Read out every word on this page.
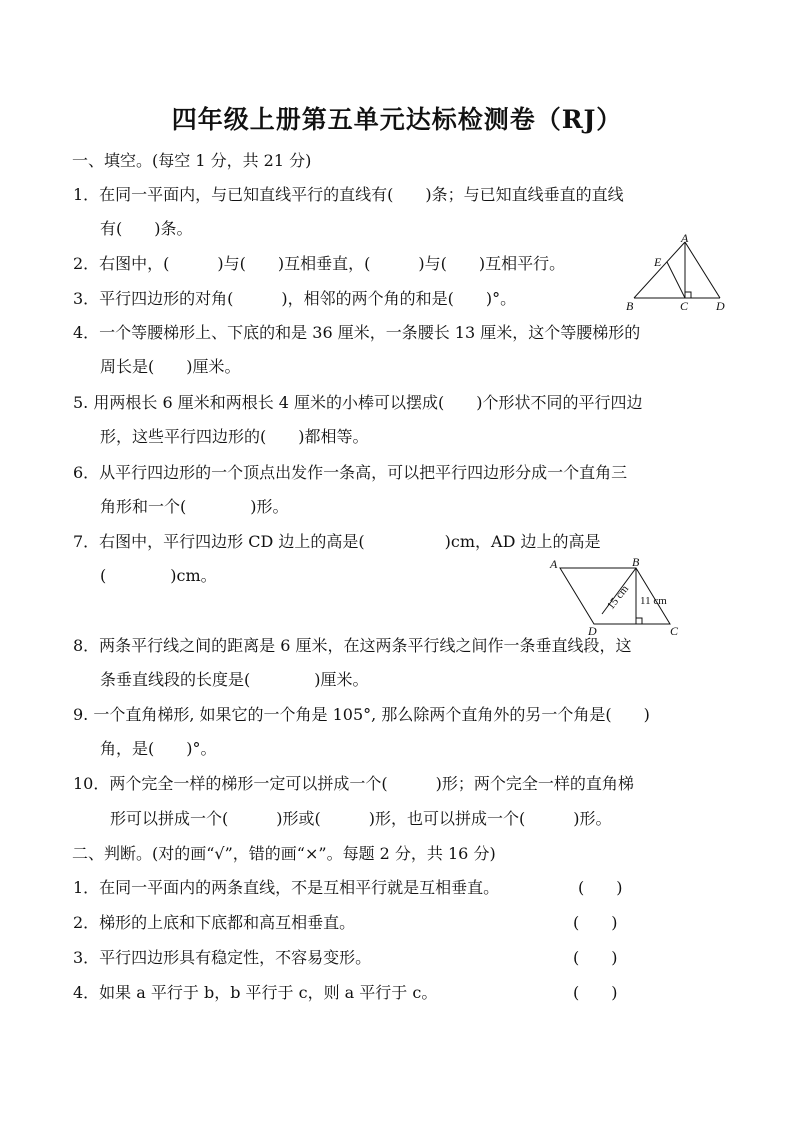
四年级上册第五单元达标检测卷（RJ）
一、填空。(每空 1 分，共 21 分)
1．在同一平面内，与已知直线平行的直线有(　　)条；与已知直线垂直的直线
有(　　)条。
2．右图中，(　　　)与(　　)互相垂直，(　　　)与(　　)互相平行。
3．平行四边形的对角(　　　)，相邻的两个角的和是(　　)°。
4．一个等腰梯形上、下底的和是 36 厘米，一条腰长 13 厘米，这个等腰梯形的
周长是(　　)厘米。
5. 用两根长 6 厘米和两根长 4 厘米的小棒可以摆成(　　)个形状不同的平行四边
形，这些平行四边形的(　　)都相等。
6．从平行四边形的一个顶点出发作一条高，可以把平行四边形分成一个直角三
角形和一个(　　　　)形。
7．右图中，平行四边形 CD 边上的高是(　　　　　)cm，AD 边上的高是
(　　　　)cm。
8．两条平行线之间的距离是 6 厘米，在这两条平行线之间作一条垂直线段，这
条垂直线段的长度是(　　　　)厘米。
9. 一个直角梯形, 如果它的一个角是 105°, 那么除两个直角外的另一个角是(　　)
角，是(　　)°。
10．两个完全一样的梯形一定可以拼成一个(　　　)形；两个完全一样的直角梯
形可以拼成一个(　　　)形或(　　　)形，也可以拼成一个(　　　)形。
二、判断。(对的画“√”，错的画“×”。每题 2 分，共 16 分)
1．在同一平面内的两条直线，不是互相平行就是互相垂直。	(　　)
2．梯形的上底和下底都和高互相垂直。	(　　)
3．平行四边形具有稳定性，不容易变形。	(　　)
4．如果 a 平行于 b，b 平行于 c，则 a 平行于 c。	(　　)
A
E
B	C D
A	B
D	C
15 cm 11 cm
